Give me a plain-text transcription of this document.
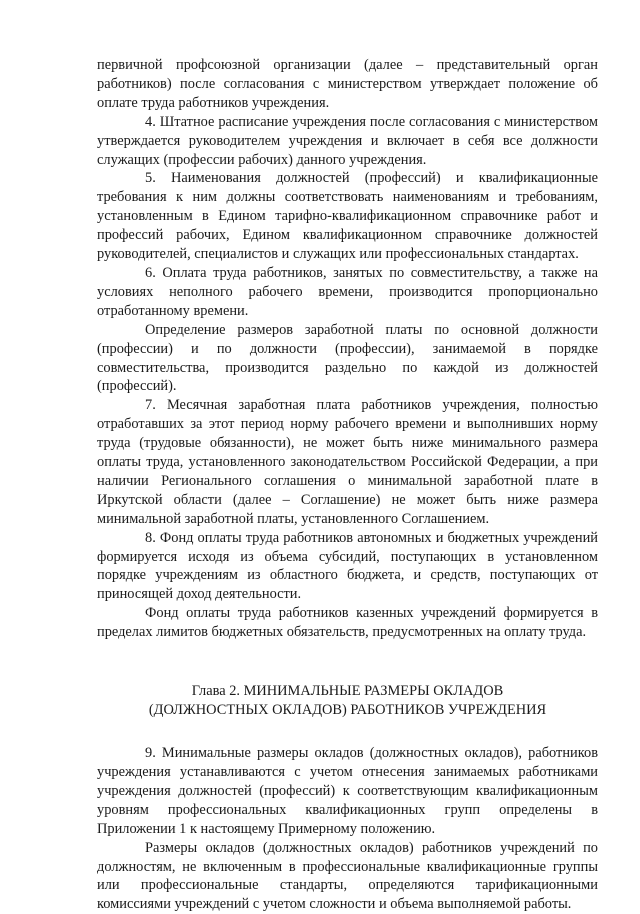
первичной профсоюзной организации (далее – представительный орган работников) после согласования с министерством утверждает положение об оплате труда работников учреждения.

4. Штатное расписание учреждения после согласования с министерством утверждается руководителем учреждения и включает в себя все должности служащих (профессии рабочих) данного учреждения.

5. Наименования должностей (профессий) и квалификационные требования к ним должны соответствовать наименованиям и требованиям, установленным в Едином тарифно-квалификационном справочнике работ и профессий рабочих, Едином квалификационном справочнике должностей руководителей, специалистов и служащих или профессиональных стандартах.

6. Оплата труда работников, занятых по совместительству, а также на условиях неполного рабочего времени, производится пропорционально отработанному времени.

Определение размеров заработной платы по основной должности (профессии) и по должности (профессии), занимаемой в порядке совместительства, производится раздельно по каждой из должностей (профессий).

7. Месячная заработная плата работников учреждения, полностью отработавших за этот период норму рабочего времени и выполнивших норму труда (трудовые обязанности), не может быть ниже минимального размера оплаты труда, установленного законодательством Российской Федерации, а при наличии Регионального соглашения о минимальной заработной плате в Иркутской области (далее – Соглашение) не может быть ниже размера минимальной заработной платы, установленного Соглашением.

8. Фонд оплаты труда работников автономных и бюджетных учреждений формируется исходя из объема субсидий, поступающих в установленном порядке учреждениям из областного бюджета, и средств, поступающих от приносящей доход деятельности.

Фонд оплаты труда работников казенных учреждений формируется в пределах лимитов бюджетных обязательств, предусмотренных на оплату труда.

Глава 2. МИНИМАЛЬНЫЕ РАЗМЕРЫ ОКЛАДОВ
(ДОЛЖНОСТНЫХ ОКЛАДОВ) РАБОТНИКОВ УЧРЕЖДЕНИЯ

9. Минимальные размеры окладов (должностных окладов), работников учреждения устанавливаются с учетом отнесения занимаемых работниками учреждения должностей (профессий) к соответствующим квалификационным уровням профессиональных квалификационных групп определены в Приложении 1 к настоящему Примерному положению.

Размеры окладов (должностных окладов) работников учреждений по должностям, не включенным в профессиональные квалификационные группы или профессиональные стандарты, определяются тарификационными комиссиями учреждений с учетом сложности и объема выполняемой работы.
